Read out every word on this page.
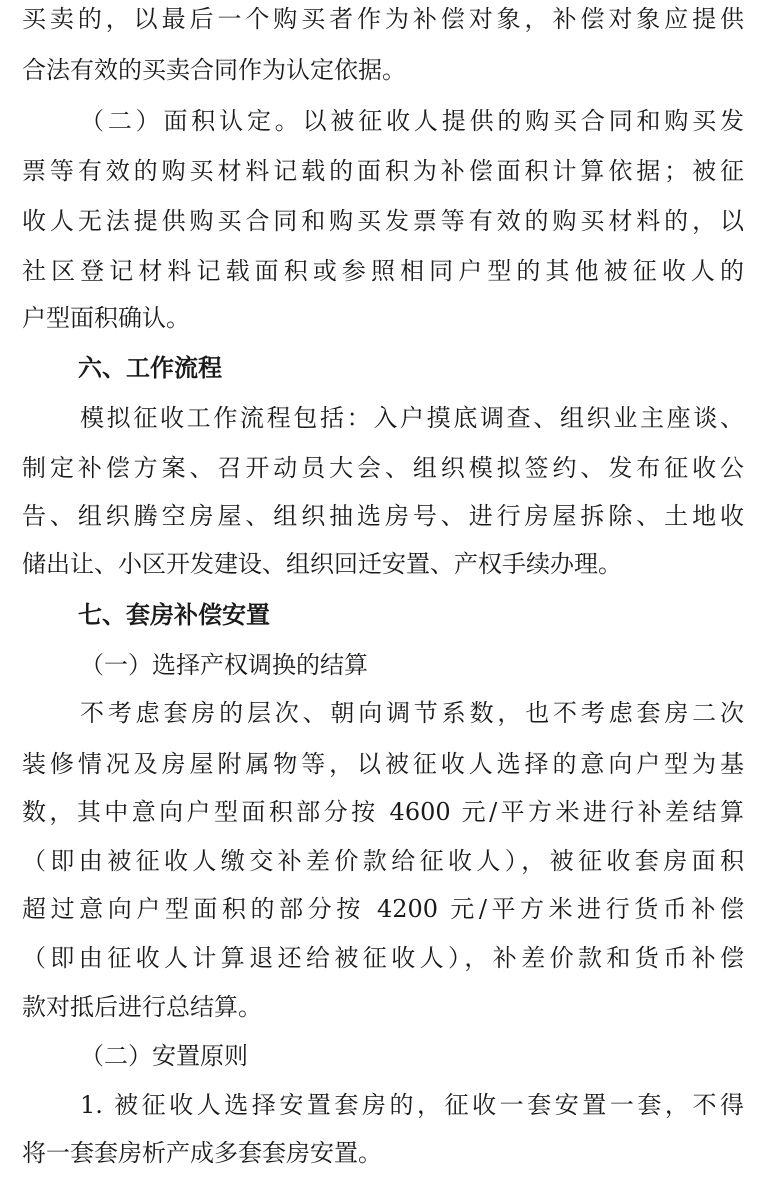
买卖的，以最后一个购买者作为补偿对象，补偿对象应提供
合法有效的买卖合同作为认定依据。
（二）面积认定。以被征收人提供的购买合同和购买发
票等有效的购买材料记载的面积为补偿面积计算依据；被征
收人无法提供购买合同和购买发票等有效的购买材料的，以
社区登记材料记载面积或参照相同户型的其他被征收人的
户型面积确认。
六、工作流程
模拟征收工作流程包括：入户摸底调查、组织业主座谈、
制定补偿方案、召开动员大会、组织模拟签约、发布征收公
告、组织腾空房屋、组织抽选房号、进行房屋拆除、土地收
储出让、小区开发建设、组织回迁安置、产权手续办理。
七、套房补偿安置
（一）选择产权调换的结算
不考虑套房的层次、朝向调节系数，也不考虑套房二次
装修情况及房屋附属物等，以被征收人选择的意向户型为基
数，其中意向户型面积部分按 4600 元/平方米进行补差结算
（即由被征收人缴交补差价款给征收人），被征收套房面积
超过意向户型面积的部分按 4200 元/平方米进行货币补偿
（即由征收人计算退还给被征收人），补差价款和货币补偿
款对抵后进行总结算。
（二）安置原则
1. 被征收人选择安置套房的，征收一套安置一套，不得
将一套套房析产成多套套房安置。
